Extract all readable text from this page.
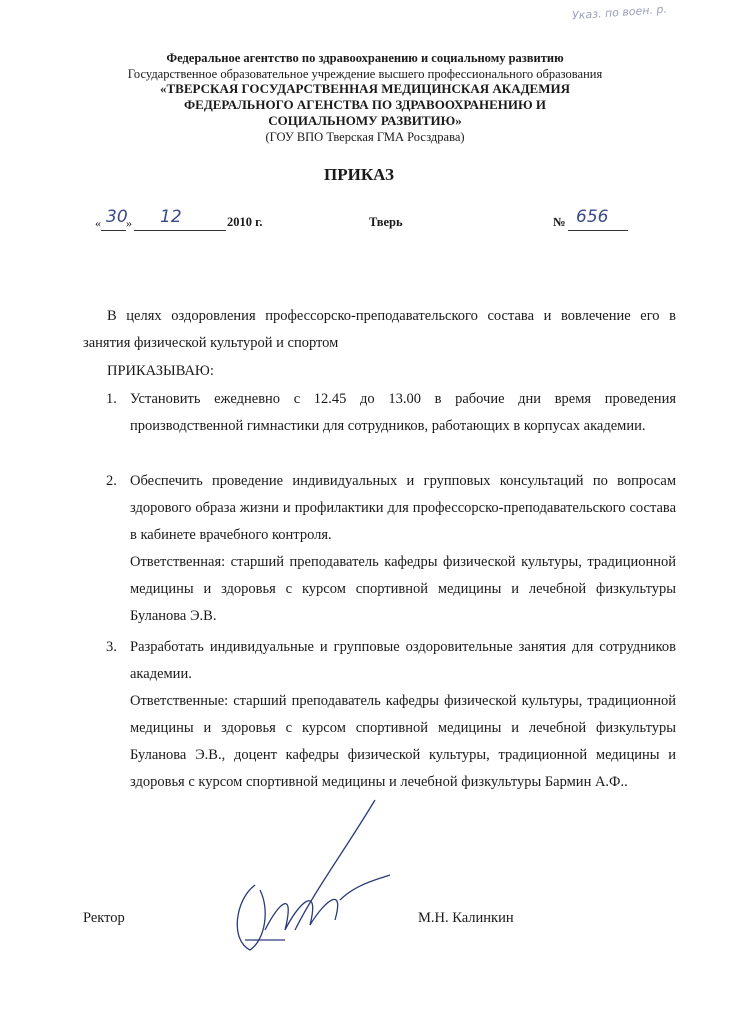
Указ. по воен. р.
Федеральное агентство по здравоохранению и социальному развитию
Государственное образовательное учреждение высшего профессионального образования
«ТВЕРСКАЯ ГОСУДАРСТВЕННАЯ МЕДИЦИНСКАЯ АКАДЕМИЯ
ФЕДЕРАЛЬНОГО АГЕНСТВА ПО ЗДРАВООХРАНЕНИЮ И
СОЦИАЛЬНОМУ РАЗВИТИЮ»
(ГОУ ВПО Тверская ГМА Росздрава)
ПРИКАЗ
« 30
» 12	2010 г.	Тверь	№ 656
В целях оздоровления профессорско-преподавательского состава и вовлечение его в занятия физической культурой и спортом
ПРИКАЗЫВАЮ:
1. Установить ежедневно с 12.45 до 13.00 в рабочие дни время проведения производственной гимнастики для сотрудников, работающих в корпусах академии.
2. Обеспечить проведение индивидуальных и групповых консультаций по вопросам здорового образа жизни и профилактики для профессорско-преподавательского состава в кабинете врачебного контроля.
Ответственная: старший преподаватель кафедры физической культуры, традиционной медицины и здоровья с курсом спортивной медицины и лечебной физкультуры Буланова Э.В.
3. Разработать индивидуальные и групповые оздоровительные занятия для сотрудников академии.
Ответственные: старший преподаватель кафедры физической культуры, традиционной медицины и здоровья с курсом спортивной медицины и лечебной физкультуры Буланова Э.В., доцент кафедры физической культуры, традиционной медицины и здоровья с курсом спортивной медицины и лечебной физкультуры Бармин А.Ф..
Ректор	М.Н. Калинкин
